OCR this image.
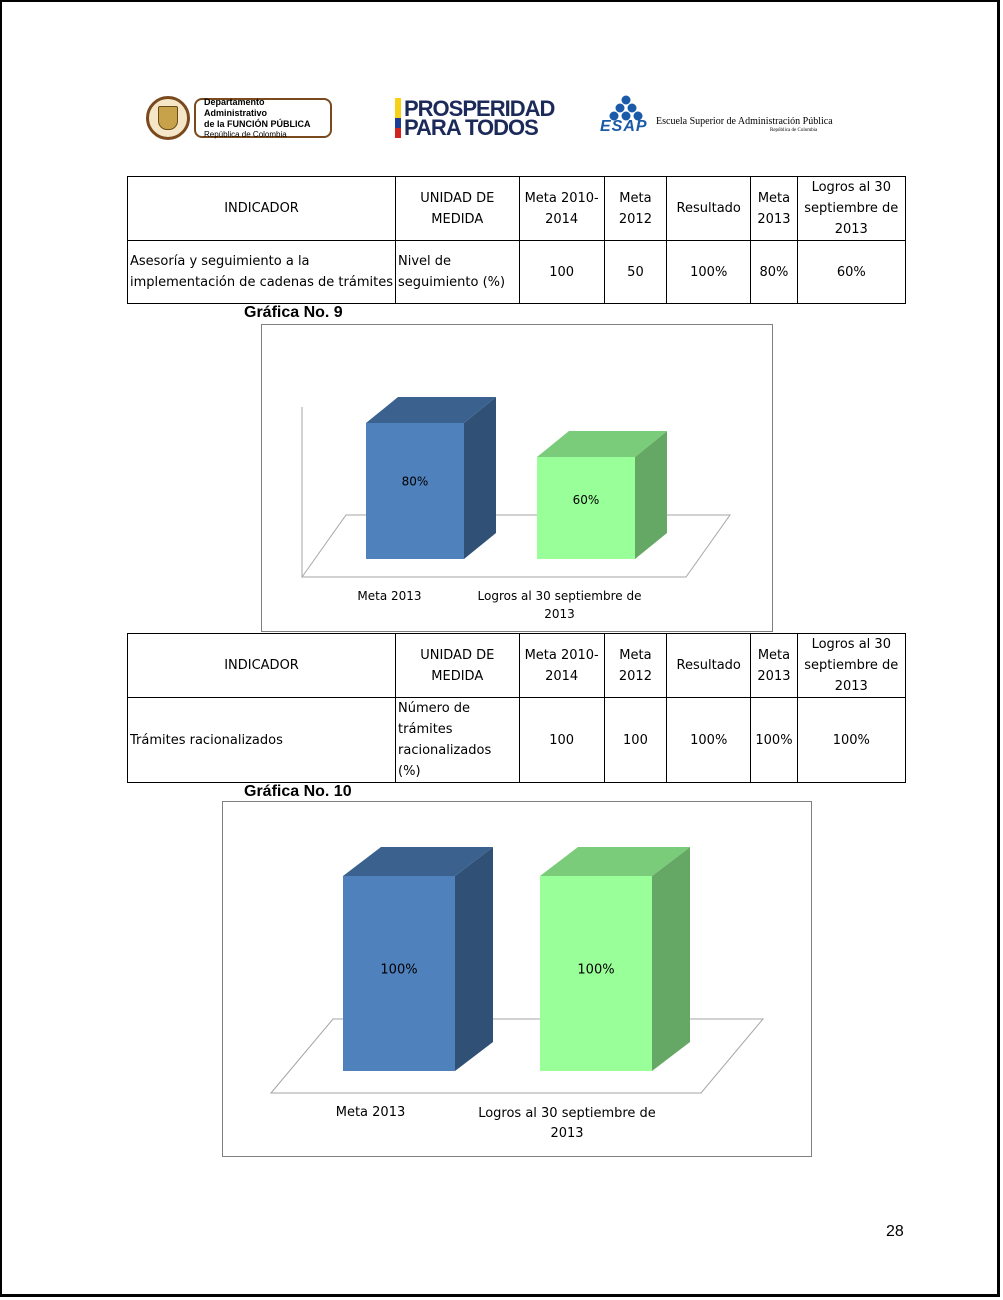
Departamento Administrativo
de la FUNCIÓN PÚBLICA
República de Colombia
PROSPERIDAD
PARA TODOS	ESAP Escuela Superior de Administración Pública
República de Colombia
INDICADOR	UNIDAD DE MEDIDA	Meta 2010-2014	Meta 2012	Resultado	Meta 2013	Logros al 30 septiembre de 2013
Asesoría y seguimiento a la implementación de cadenas de trámites	Nivel de seguimiento (%)	100	50	100%	80%	60%
Gráfica No. 9
80%
60%
Meta 2013	Logros al 30 septiembre de 2013
INDICADOR	UNIDAD DE MEDIDA	Meta 2010-2014	Meta 2012	Resultado	Meta 2013	Logros al 30 septiembre de 2013
Trámites racionalizados	Número de trámites racionalizados (%)	100	100	100%	100%	100%
Gráfica No. 10
100%	100%
Meta 2013	Logros al 30 septiembre de 2013
28
